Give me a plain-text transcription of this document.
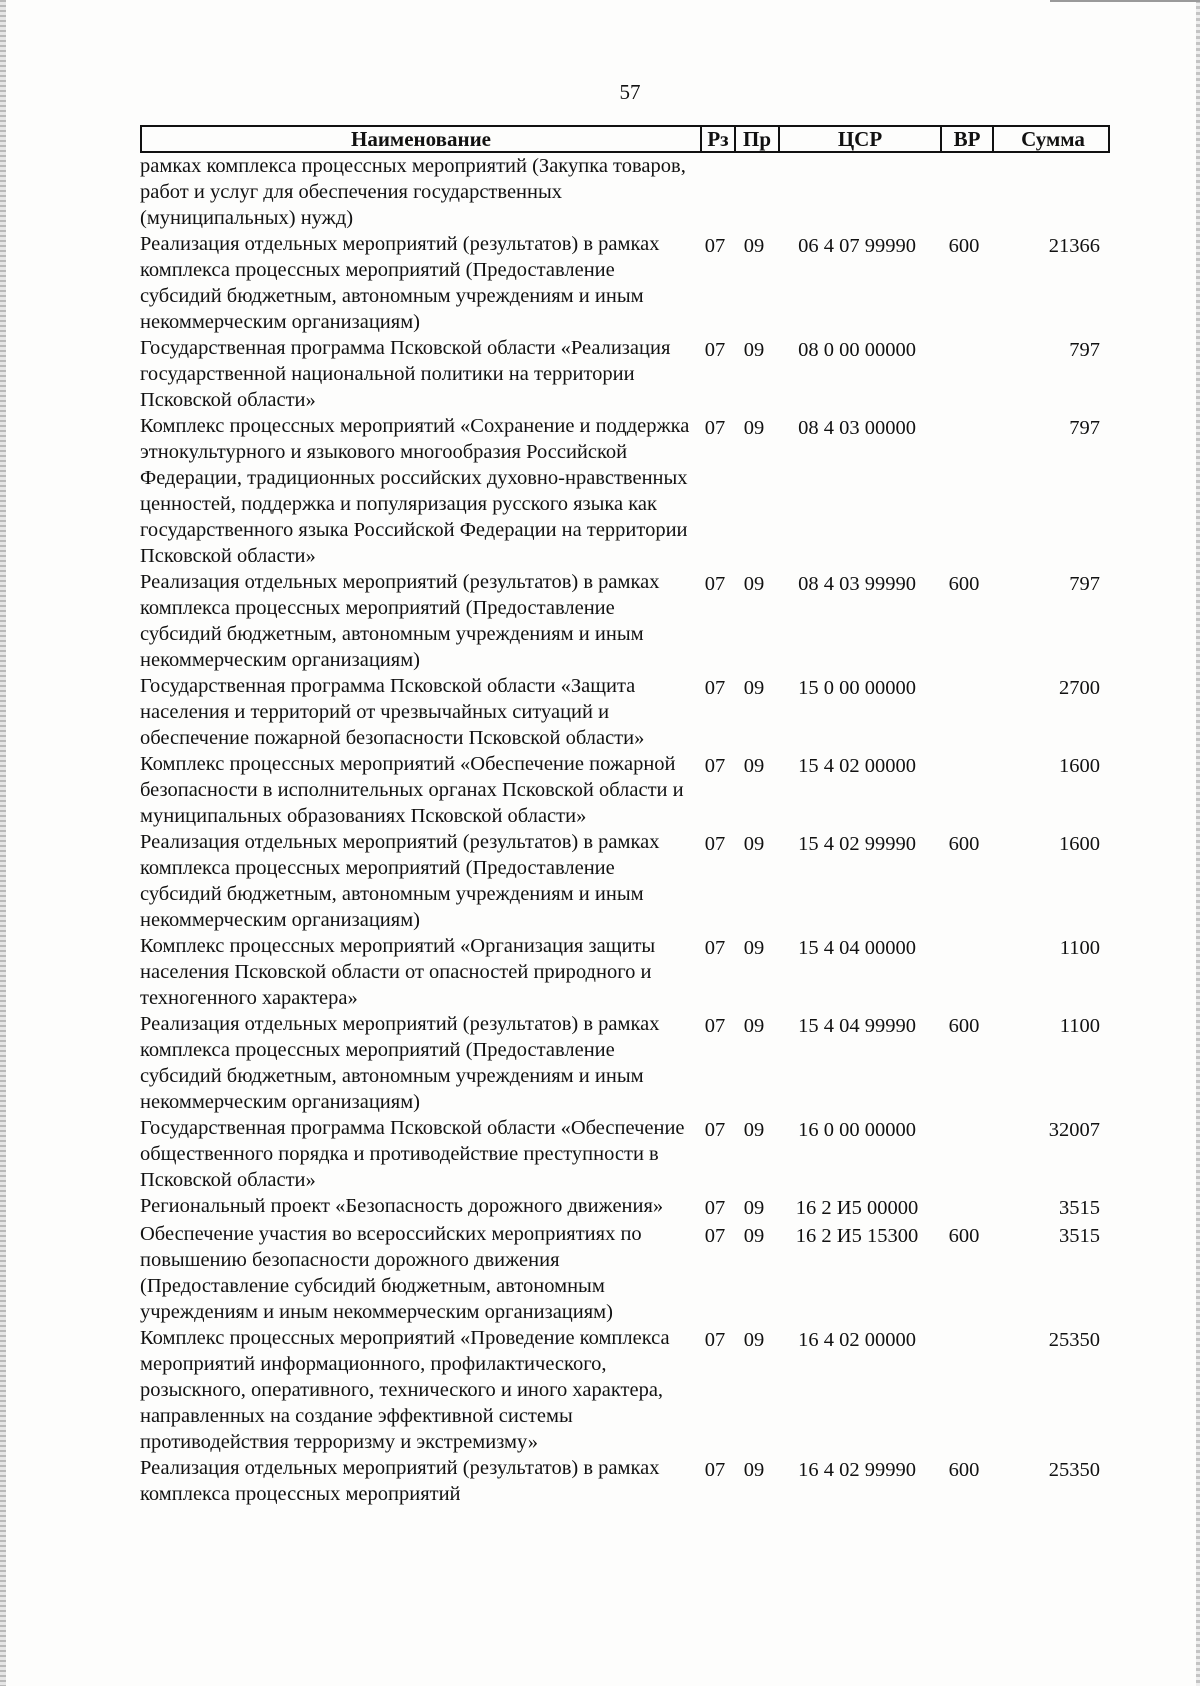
57
Наименование	Рз Пр	ЦСР	ВР	Сумма
рамках комплекса процессных мероприятий (Закупка товаров, работ и услуг для обеспечения государственных (муниципальных) нужд)
Реализация отдельных мероприятий (результатов) в рамках комплекса процессных мероприятий (Предоставление субсидий бюджетным, автономным учреждениям и иным некоммерческим организациям)
07 09	06 4 07 99990	600	21366
Государственная программа Псковской области «Реализация государственной национальной политики на территории Псковской области»
07 09	08 0 00 00000	797
Комплекс процессных мероприятий «Сохранение и поддержка этнокультурного и языкового многообразия Российской Федерации, традиционных российских духовно-нравственных ценностей, поддержка и популяризация русского языка как государственного языка Российской Федерации на территории Псковской области»
07 09	08 4 03 00000	797
Реализация отдельных мероприятий (результатов) в рамках комплекса процессных мероприятий (Предоставление субсидий бюджетным, автономным учреждениям и иным некоммерческим организациям)
07 09	08 4 03 99990	600	797
Государственная программа Псковской области «Защита населения и территорий от чрезвычайных ситуаций и обеспечение пожарной безопасности Псковской области»
07 09	15 0 00 00000	2700
Комплекс процессных мероприятий «Обеспечение пожарной безопасности в исполнительных органах Псковской области и муниципальных образованиях Псковской области»
07 09	15 4 02 00000	1600
Реализация отдельных мероприятий (результатов) в рамках комплекса процессных мероприятий (Предоставление субсидий бюджетным, автономным учреждениям и иным некоммерческим организациям)
07 09	15 4 02 99990	600	1600
Комплекс процессных мероприятий «Организация защиты населения Псковской области от опасностей природного и техногенного характера»
07 09	15 4 04 00000	1100
Реализация отдельных мероприятий (результатов) в рамках комплекса процессных мероприятий (Предоставление субсидий бюджетным, автономным учреждениям и иным некоммерческим организациям)
07 09	15 4 04 99990	600	1100
Государственная программа Псковской области «Обеспечение общественного порядка и противодействие преступности в Псковской области»
07 09	16 0 00 00000	32007
Региональный проект «Безопасность дорожного движения»	07 09	16 2 И5 00000	3515
Обеспечение участия во всероссийских мероприятиях по повышению безопасности дорожного движения (Предоставление субсидий бюджетным, автономным учреждениям и иным некоммерческим организациям)
07 09	16 2 И5 15300	600	3515
Комплекс процессных мероприятий «Проведение комплекса мероприятий информационного, профилактического, розыскного, оперативного, технического и иного характера, направленных на создание эффективной системы противодействия терроризму и экстремизму»
07 09	16 4 02 00000	25350
Реализация отдельных мероприятий (результатов) в рамках комплекса процессных мероприятий
07 09	16 4 02 99990	600	25350
